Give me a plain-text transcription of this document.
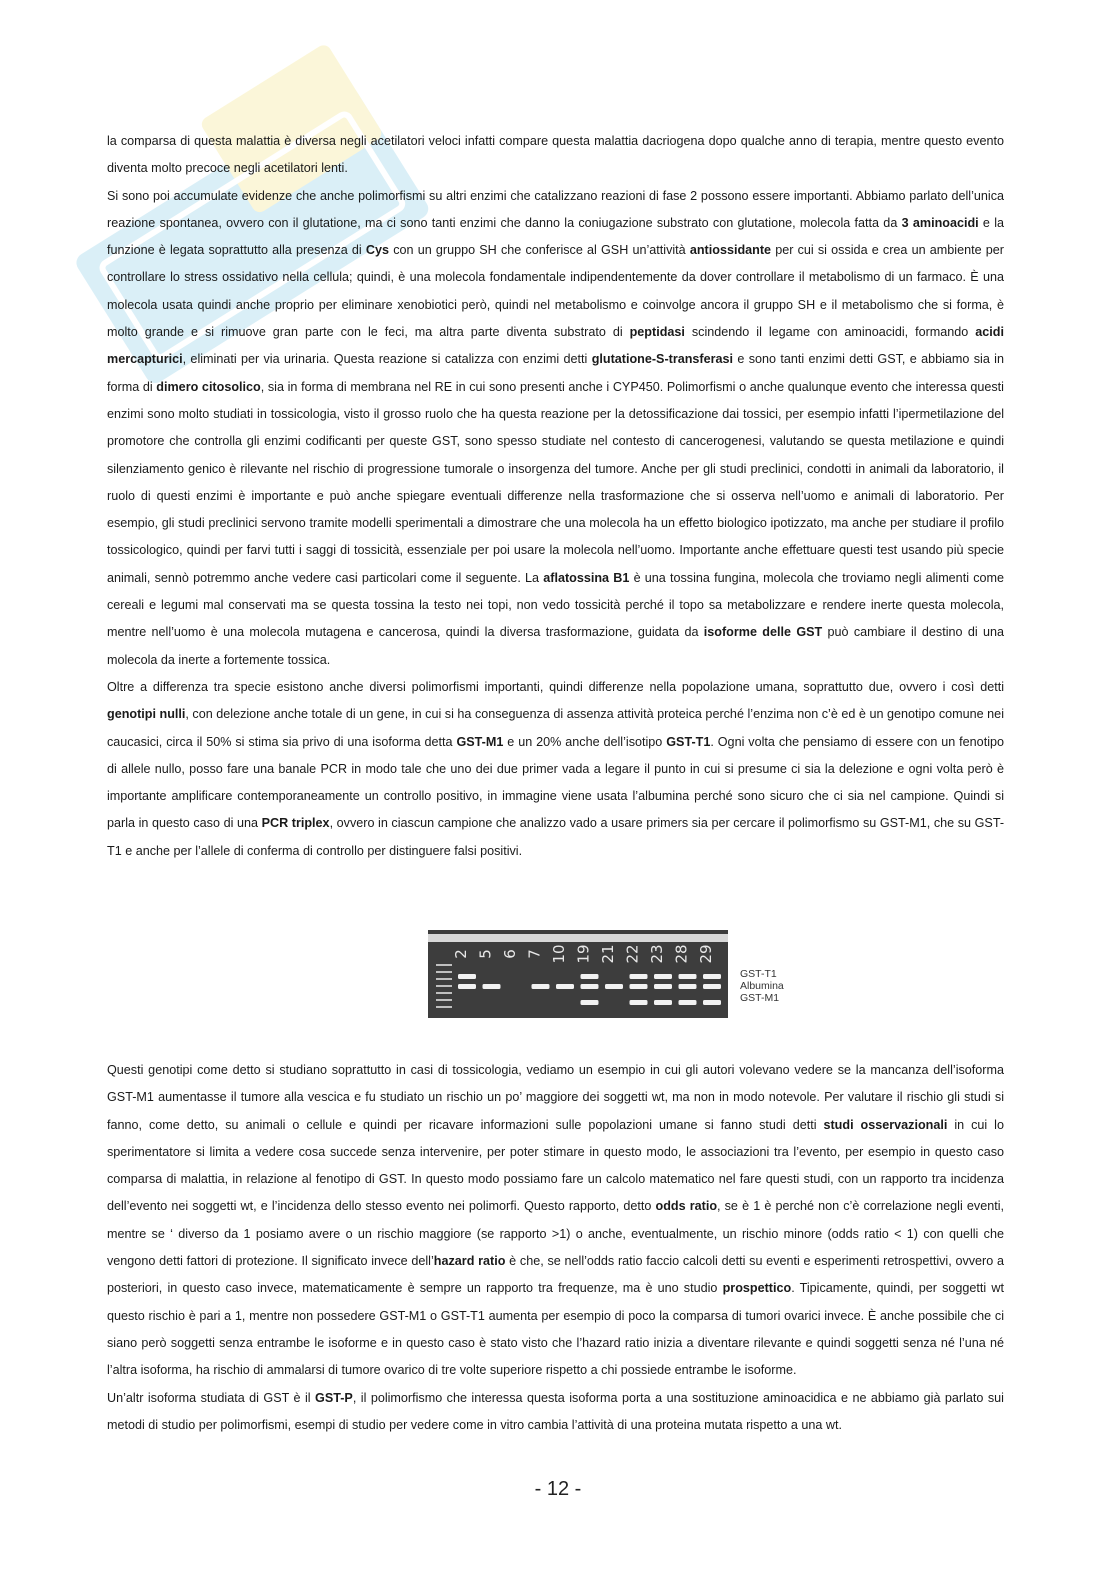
la comparsa di questa malattia è diversa negli acetilatori veloci infatti compare questa malattia dacriogena dopo qualche anno di terapia, mentre questo evento diventa molto precoce negli acetilatori lenti.

Si sono poi accumulate evidenze che anche polimorfismi su altri enzimi che catalizzano reazioni di fase 2 possono essere importanti. Abbiamo parlato dell’unica reazione spontanea, ovvero con il glutatione, ma ci sono tanti enzimi che danno la coniugazione substrato con glutatione, molecola fatta da 3 aminoacidi e la funzione è legata soprattutto alla presenza di Cys con un gruppo SH che conferisce al GSH un’attività antiossidante per cui si ossida e crea un ambiente per controllare lo stress ossidativo nella cellula; quindi, è una molecola fondamentale indipendentemente da dover controllare il metabolismo di un farmaco. È una molecola usata quindi anche proprio per eliminare xenobiotici però, quindi nel metabolismo e coinvolge ancora il gruppo SH e il metabolismo che si forma, è molto grande e si rimuove gran parte con le feci, ma altra parte diventa substrato di peptidasi scindendo il legame con aminoacidi, formando acidi mercapturici, eliminati per via urinaria. Questa reazione si catalizza con enzimi detti glutatione-S-transferasi e sono tanti enzimi detti GST, e abbiamo sia in forma di dimero citosolico, sia in forma di membrana nel RE in cui sono presenti anche i CYP450. Polimorfismi o anche qualunque evento che interessa questi enzimi sono molto studiati in tossicologia, visto il grosso ruolo che ha questa reazione per la detossificazione dai tossici, per esempio infatti l’ipermetilazione del promotore che controlla gli enzimi codificanti per queste GST, sono spesso studiate nel contesto di cancerogenesi, valutando se questa metilazione e quindi silenziamento genico è rilevante nel rischio di progressione tumorale o insorgenza del tumore. Anche per gli studi preclinici, condotti in animali da laboratorio, il ruolo di questi enzimi è importante e può anche spiegare eventuali differenze nella trasformazione che si osserva nell’uomo e animali di laboratorio. Per esempio, gli studi preclinici servono tramite modelli sperimentali a dimostrare che una molecola ha un effetto biologico ipotizzato, ma anche per studiare il profilo tossicologico, quindi per farvi tutti i saggi di tossicità, essenziale per poi usare la molecola nell’uomo. Importante anche effettuare questi test usando più specie animali, sennò potremmo anche vedere casi particolari come il seguente. La aflatossina B1 è una tossina fungina, molecola che troviamo negli alimenti come cereali e legumi mal conservati ma se questa tossina la testo nei topi, non vedo tossicità perché il topo sa metabolizzare e rendere inerte questa molecola, mentre nell’uomo è una molecola mutagena e cancerosa, quindi la diversa trasformazione, guidata da isoforme delle GST può cambiare il destino di una molecola da inerte a fortemente tossica.

Oltre a differenza tra specie esistono anche diversi polimorfismi importanti, quindi differenze nella popolazione umana, soprattutto due, ovvero i così detti genotipi nulli, con delezione anche totale di un gene, in cui si ha conseguenza di assenza attività proteica perché l’enzima non c’è ed è un genotipo comune nei caucasici, circa il 50% si stima sia privo di una isoforma detta GST-M1 e un 20% anche dell’isotipo GST-T1. Ogni volta che pensiamo di essere con un fenotipo di allele nullo, posso fare una banale PCR in modo tale che uno dei due primer vada a legare il punto in cui si presume ci sia la delezione e ogni volta però è importante amplificare contemporaneamente un controllo positivo, in immagine viene usata l’albumina perché sono sicuro che ci sia nel campione. Quindi si parla in questo caso di una PCR triplex, ovvero in ciascun campione che analizzo vado a usare primers sia per cercare il polimorfismo su GST-M1, che su GST-T1 e anche per l’allele di conferma di controllo per distinguere falsi positivi.

2 5 6 7 10 19 21 22 23 28 29
GST-T1
Albumina
GST-M1

Questi genotipi come detto si studiano soprattutto in casi di tossicologia, vediamo un esempio in cui gli autori volevano vedere se la mancanza dell’isoforma GST-M1 aumentasse il tumore alla vescica e fu studiato un rischio un po’ maggiore dei soggetti wt, ma non in modo notevole. Per valutare il rischio gli studi si fanno, come detto, su animali o cellule e quindi per ricavare informazioni sulle popolazioni umane si fanno studi detti studi osservazionali in cui lo sperimentatore si limita a vedere cosa succede senza intervenire, per poter stimare in questo modo, le associazioni tra l’evento, per esempio in questo caso comparsa di malattia, in relazione al fenotipo di GST. In questo modo possiamo fare un calcolo matematico nel fare questi studi, con un rapporto tra incidenza dell’evento nei soggetti wt, e l’incidenza dello stesso evento nei polimorfi. Questo rapporto, detto odds ratio, se è 1 è perché non c’è correlazione negli eventi, mentre se ‘ diverso da 1 posiamo avere o un rischio maggiore (se rapporto >1) o anche, eventualmente, un rischio minore (odds ratio < 1) con quelli che vengono detti fattori di protezione. Il significato invece dell’hazard ratio è che, se nell’odds ratio faccio calcoli detti su eventi e esperimenti retrospettivi, ovvero a posteriori, in questo caso invece, matematicamente è sempre un rapporto tra frequenze, ma è uno studio prospettico. Tipicamente, quindi, per soggetti wt questo rischio è pari a 1, mentre non possedere GST-M1 o GST-T1 aumenta per esempio di poco la comparsa di tumori ovarici invece. È anche possibile che ci siano però soggetti senza entrambe le isoforme e in questo caso è stato visto che l’hazard ratio inizia a diventare rilevante e quindi soggetti senza né l’una né l’altra isoforma, ha rischio di ammalarsi di tumore ovarico di tre volte superiore rispetto a chi possiede entrambe le isoforme.

Un’altr isoforma studiata di GST è il GST-P, il polimorfismo che interessa questa isoforma porta a una sostituzione aminoacidica e ne abbiamo già parlato sui metodi di studio per polimorfismi, esempi di studio per vedere come in vitro cambia l’attività di una proteina mutata rispetto a una wt.

- 12 -
